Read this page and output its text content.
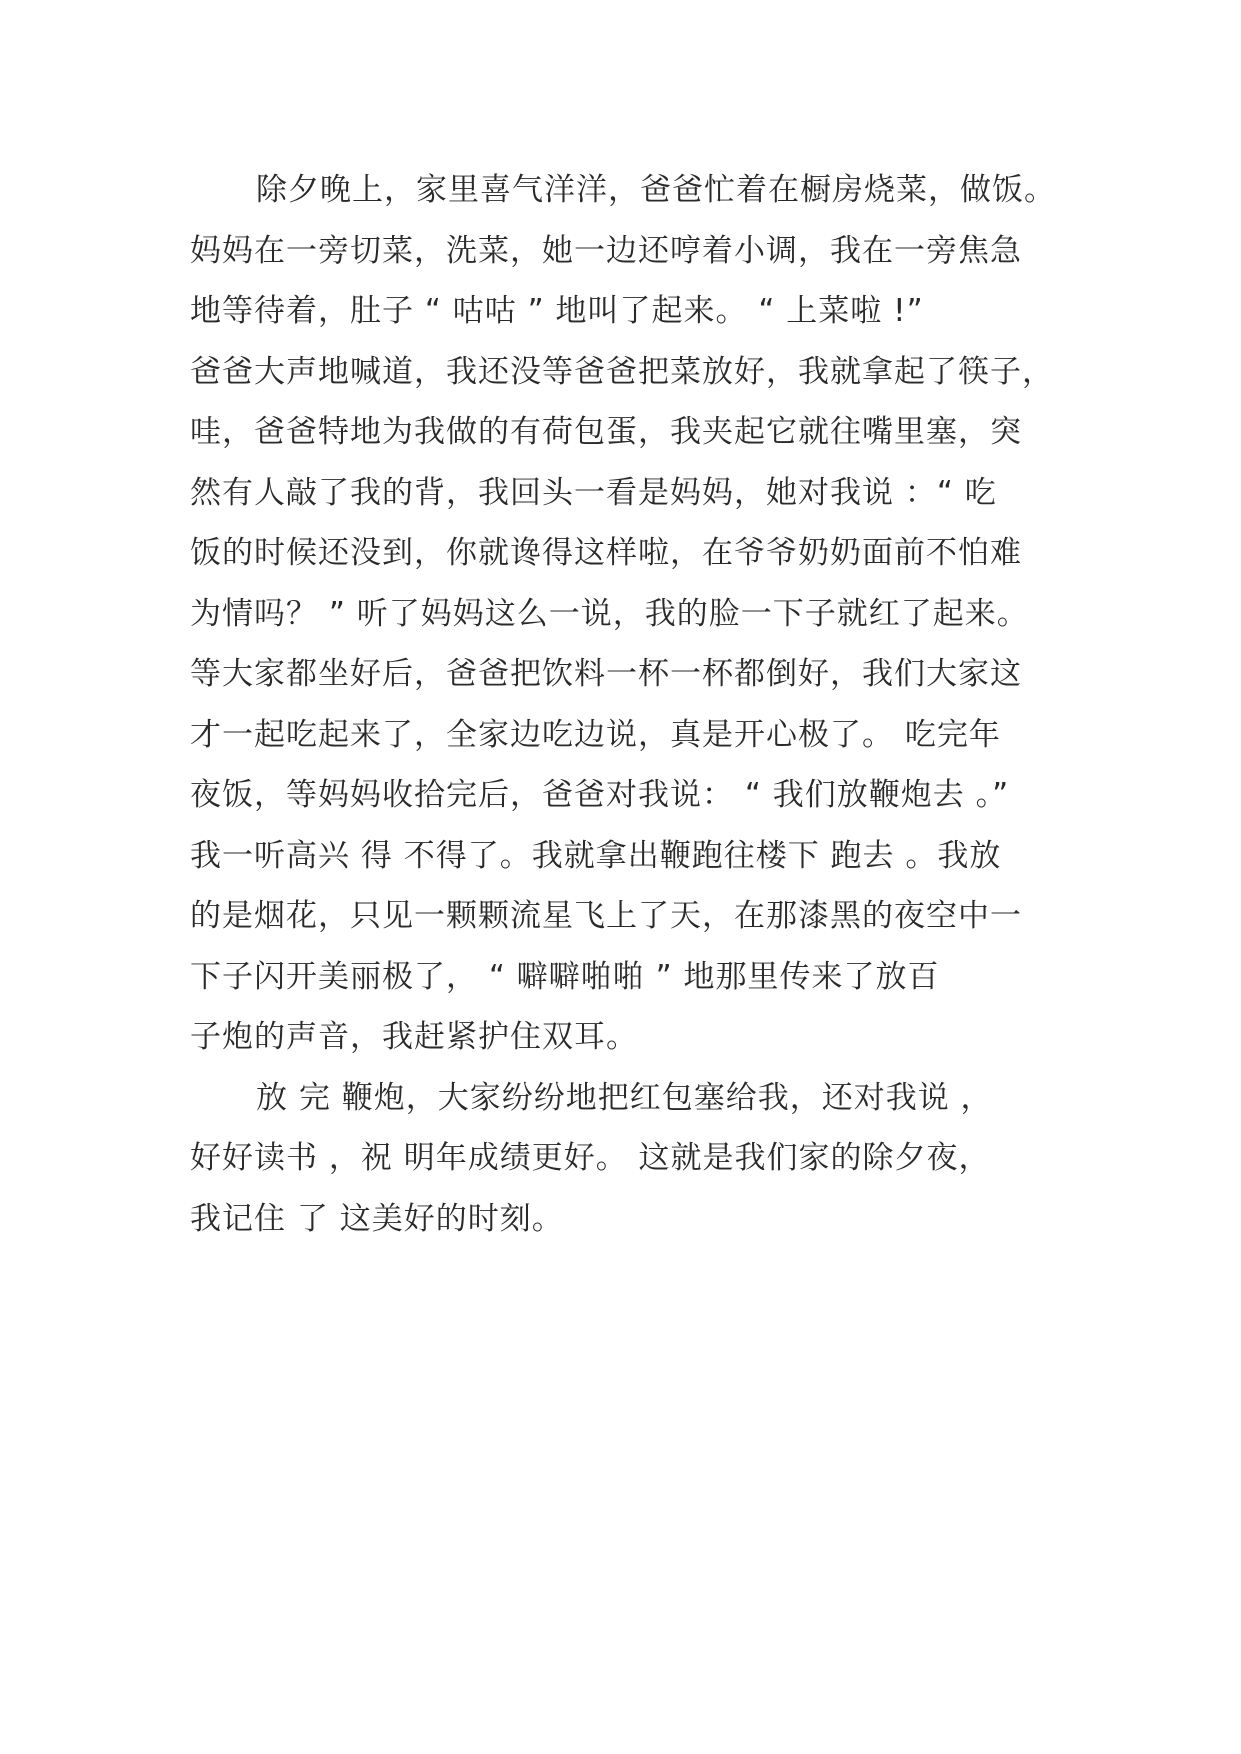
除夕晚上，家里喜气洋洋，爸爸忙着在橱房烧菜，做饭。
妈妈在一旁切菜，洗菜，她一边还哼着小调，我在一旁焦急
地等待着，肚子 “ 咕咕 ” 地叫了起来。 “ 上菜啦 !”
爸爸大声地喊道，我还没等爸爸把菜放好，我就拿起了筷子，
哇，爸爸特地为我做的有荷包蛋，我夹起它就往嘴里塞，突
然有人敲了我的背，我回头一看是妈妈，她对我说 ：“ 吃
饭的时候还没到，你就谗得这样啦，在爷爷奶奶面前不怕难
为情吗？ ” 听了妈妈这么一说，我的脸一下子就红了起来。
等大家都坐好后，爸爸把饮料一杯一杯都倒好，我们大家这
才一起吃起来了，全家边吃边说，真是开心极了。 吃完年
夜饭，等妈妈收拾完后，爸爸对我说： “ 我们放鞭炮去 。”
我一听高兴 得 不得了。我就拿出鞭跑往楼下 跑去 。我放
的是烟花，只见一颗颗流星飞上了天，在那漆黑的夜空中一
下子闪开美丽极了， “ 噼噼啪啪 ” 地那里传来了放百
子炮的声音，我赶紧护住双耳。
放 完 鞭炮，大家纷纷地把红包塞给我，还对我说 ，
好好读书 ，祝 明年成绩更好。 这就是我们家的除夕夜，
我记住 了 这美好的时刻。
